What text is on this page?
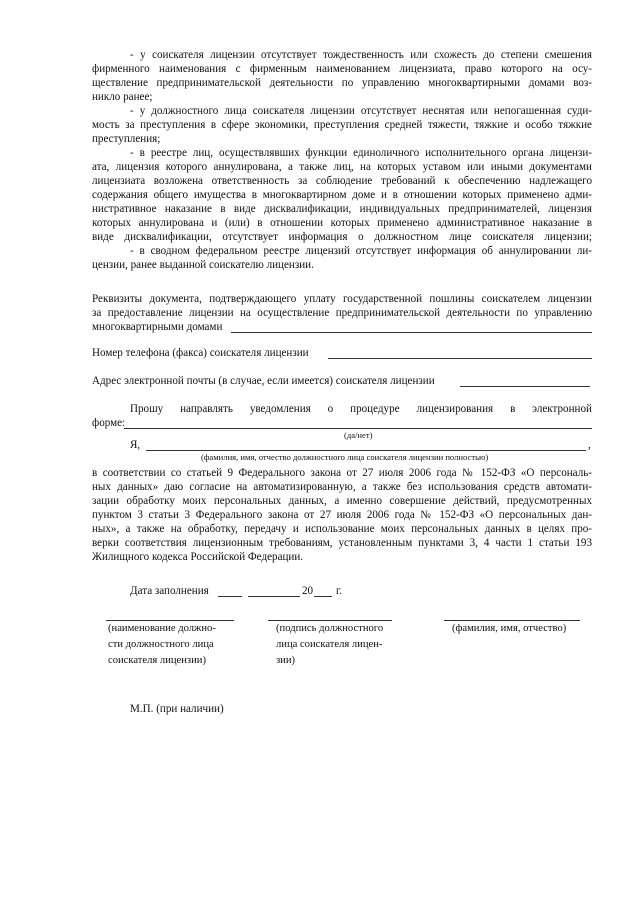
- у соискателя лицензии отсутствует тождественность или схожесть до степени смешения
фирменного наименования с фирменным наименованием лицензиата, право которого на осу-
ществление предпринимательской деятельности по управлению многоквартирными домами воз-
никло ранее;
- у должностного лица соискателя лицензии отсутствует неснятая или непогашенная суди-
мость за преступления в сфере экономики, преступления средней тяжести, тяжкие и особо тяжкие
преступления;
- в реестре лиц, осуществлявших функции единоличного исполнительного органа лицензи-
ата, лицензия которого аннулирована, а также лиц, на которых уставом или иными документами
лицензиата возложена ответственность за соблюдение требований к обеспечению надлежащего
содержания общего имущества в многоквартирном доме и в отношении которых применено адми-
нистративное наказание в виде дисквалификации, индивидуальных предпринимателей, лицензия
которых аннулирована и (или) в отношении которых применено административное наказание в
виде дисквалификации, отсутствует информация о должностном лице соискателя лицензии;
- в сводном федеральном реестре лицензий отсутствует информация об аннулировании ли-
цензии, ранее выданной соискателю лицензии.
Реквизиты документа, подтверждающего уплату государственной пошлины соискателем лицензии
за предоставление лицензии на осуществление предпринимательской деятельности по управлению
многоквартирными домами
Номер телефона (факса) соискателя лицензии
Адрес электронной почты (в случае, если имеется) соискателя лицензии
Прошу направлять уведомления о процедуре лицензирования в электронной
форме:
(да/нет)
Я,	,
(фамилия, имя, отчество должностного лица соискателя лицензии полностью)
в соответствии со статьей 9 Федерального закона от 27 июля 2006 года № 152-ФЗ «О персональ-
ных данных» даю согласие на автоматизированную, а также без использования средств автомати-
зации обработку моих персональных данных, а именно совершение действий, предусмотренных
пунктом 3 статьи 3 Федерального закона от 27 июля 2006 года № 152-ФЗ «О персональных дан-
ных», а также на обработку, передачу и использование моих персональных данных в целях про-
верки соответствия лицензионным требованиям, установленным пунктами 3, 4 части 1 статьи 193
Жилищного кодекса Российской Федерации.
Дата заполнения	20 г.
(наименование должно-
сти должностного лица
соискателя лицензии)
(подпись должностного
лица соискателя лицен-
зии)
(фамилия, имя, отчество)
М.П. (при наличии)
